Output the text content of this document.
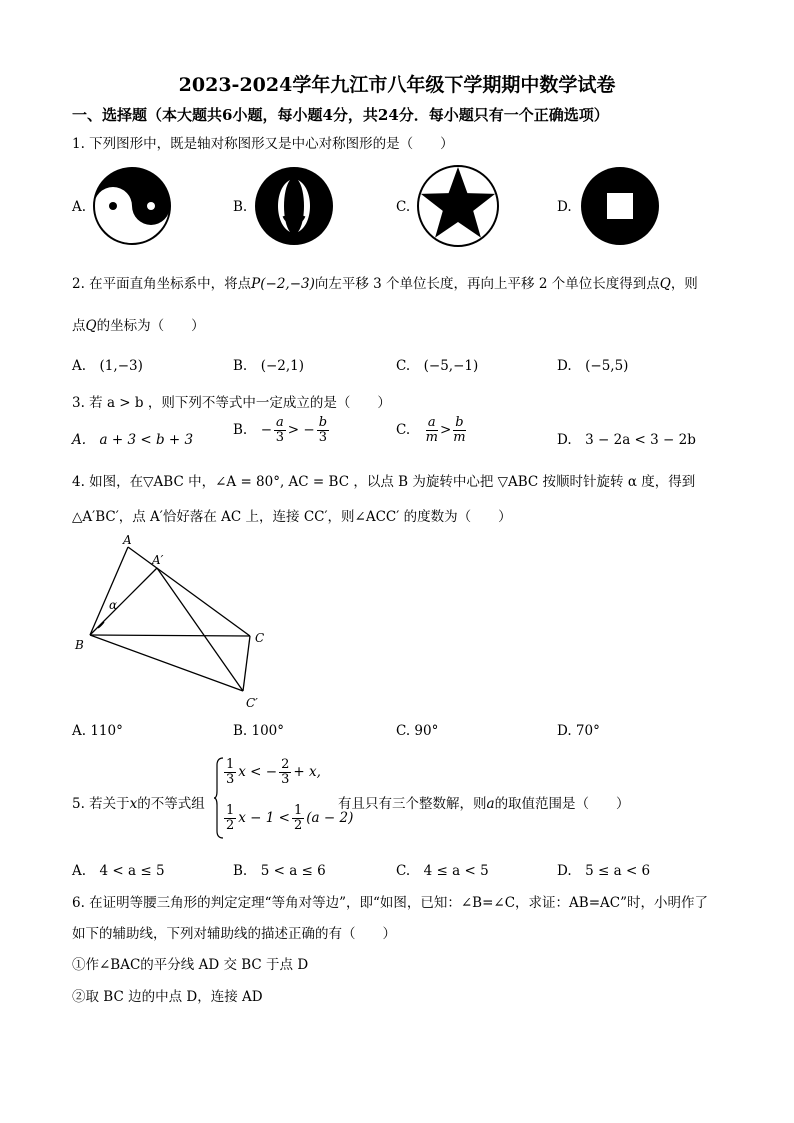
2023-2024学年九江市八年级下学期期中数学试卷
一、选择题（本大题共6小题，每小题4分，共24分．每小题只有一个正确选项）
1. 下列图形中，既是轴对称图形又是中心对称图形的是（　　）
A.	B.	C.	D.
2. 在平面直角坐标系中，将点P(−2,−3)向左平移 3 个单位长度，再向上平移 2 个单位长度得到点Q，则
点Q的坐标为（　　）
A.　(1,−3)	B.　(−2,1)	C.　(−5,−1)	D.　(−5,5)
3. 若 a > b ，则下列不等式中一定成立的是（　　）
A.　a + 3 < b + 3
B.　− $\frac{a}{3}$ > − $\frac{b}{3}$	C.　 $\frac{a}{m} > \frac{b}{m}$	D.　3 − 2a < 3 − 2b
4. 如图，在▽ABC 中，∠A = 80°, AC = BC ，以点 B 为旋转中心把 ▽ABC 按顺时针旋转 α 度，得到
△A′BC′，点 A′恰好落在 AC 上，连接 CC′，则∠ACC′ 的度数为（　　）
A
A′
α
B	C
C′
A. 110°	B. 100°	C. 90°	D. 70°
5. 若关于x的不等式组
$\frac{1}{3}$ x < − $\frac{2}{3} + x$,
$\frac{1}{2}$ $x - 1 < \frac{1}{2} (a - 2)$
有且只有三个整数解，则a的取值范围是（　　）
A.　4 < a ≤ 5	B.　5 < a ≤ 6	C.　4 ≤ a < 5	D.　5 ≤ a < 6
6. 在证明等腰三角形的判定定理“等角对等边”，即“如图，已知：∠B=∠C，求证：AB=AC”时，小明作了
如下的辅助线，下列对辅助线的描述正确的有（　　）
①作∠BAC的平分线 AD 交 BC 于点 D
②取 BC 边的中点 D，连接 AD
